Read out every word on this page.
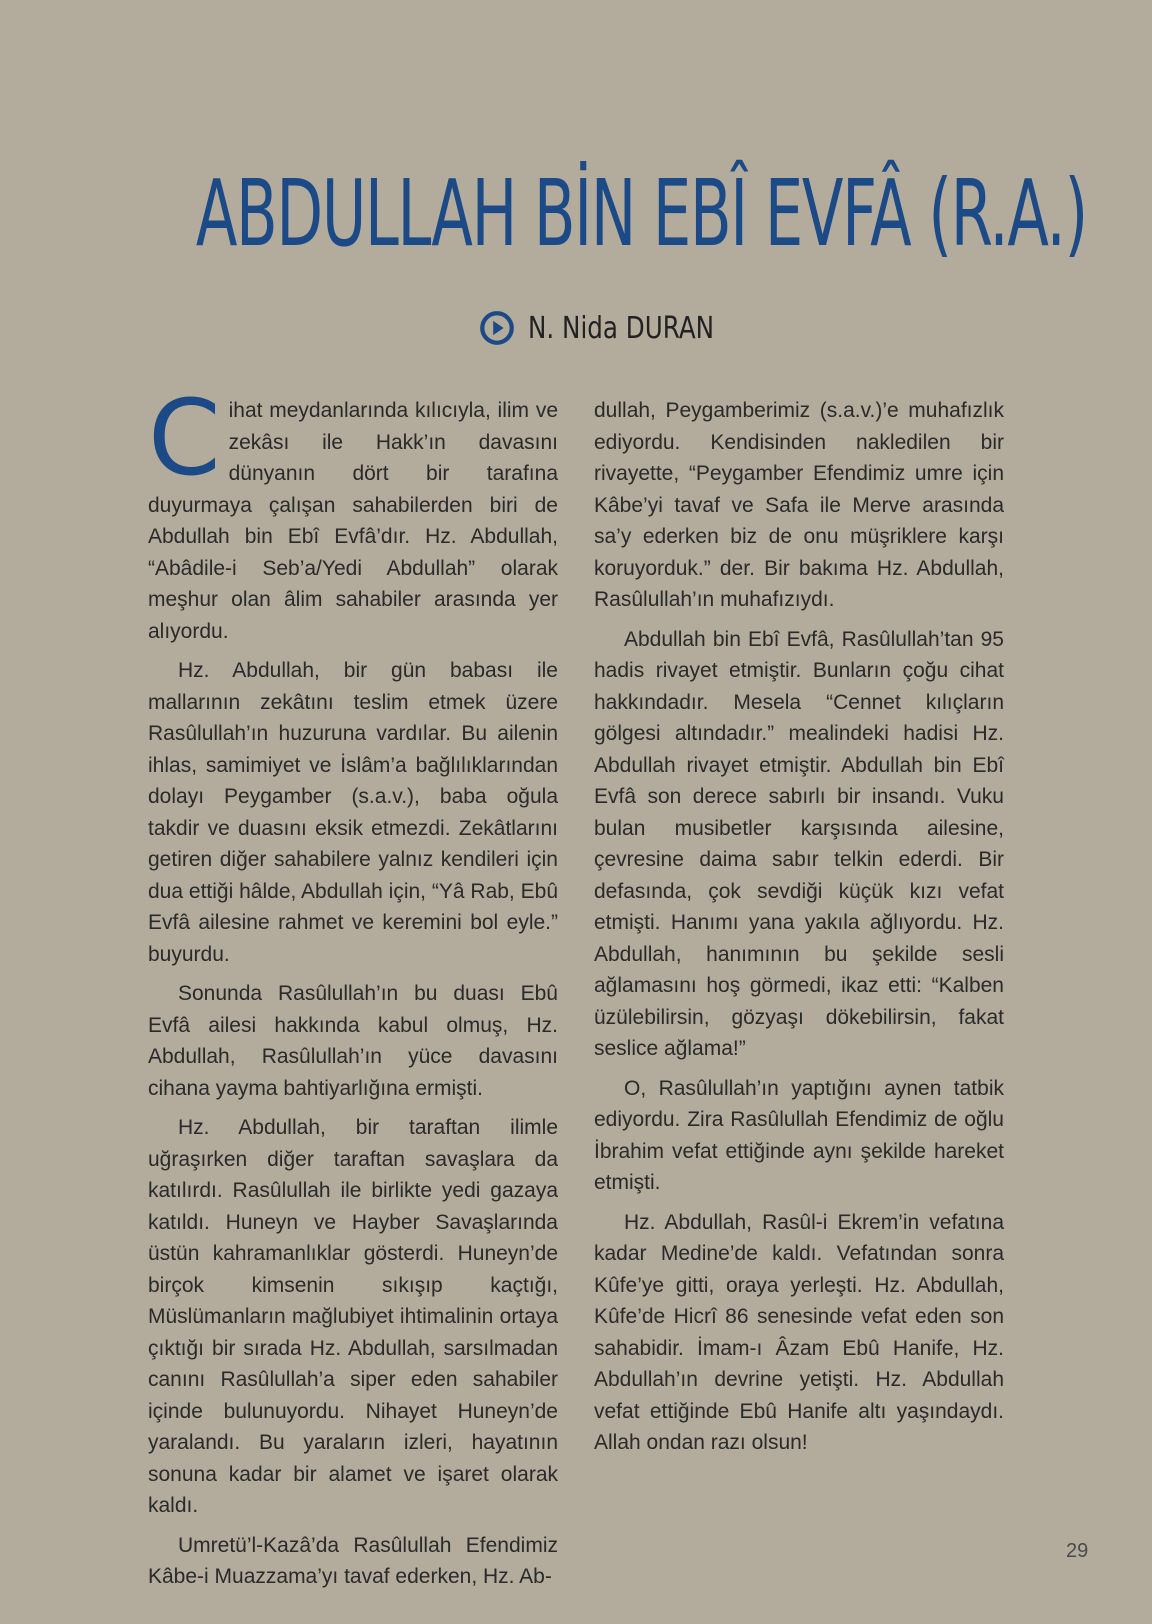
ABDULLAH BİN EBÎ EVFÂ (R.A.)
N. Nida DURAN

Cihat meydanlarında kılıcıyla, ilim ve zekâsı ile Hakk’ın davasını dünyanın dört bir tarafına duyurmaya çalışan sahabilerden biri de Abdullah bin Ebî Evfâ’dır. Hz. Abdullah, “Abâdile-i Seb’a/Yedi Abdullah” olarak meşhur olan âlim sahabiler arasında yer alıyordu.

Hz. Abdullah, bir gün babası ile mallarının zekâtını teslim etmek üzere Rasûlullah’ın huzuruna vardılar. Bu ailenin ihlas, samimiyet ve İslâm’a bağlılıklarından dolayı Peygamber (s.a.v.), baba oğula takdir ve duasını eksik etmezdi. Zekâtlarını getiren diğer sahabilere yalnız kendileri için dua ettiği hâlde, Abdullah için, “Yâ Rab, Ebû Evfâ ailesine rahmet ve keremini bol eyle.” buyurdu.

Sonunda Rasûlullah’ın bu duası Ebû Evfâ ailesi hakkında kabul olmuş, Hz. Abdullah, Rasûlullah’ın yüce davasını cihana yayma bahtiyarlığına ermişti.

Hz. Abdullah, bir taraftan ilimle uğraşırken diğer taraftan savaşlara da katılırdı. Rasûlullah ile birlikte yedi gazaya katıldı. Huneyn ve Hayber Savaşlarında üstün kahramanlıklar gösterdi. Huneyn’de birçok kimsenin sıkışıp kaçtığı, Müslümanların mağlubiyet ihtimalinin ortaya çıktığı bir sırada Hz. Abdullah, sarsılmadan canını Rasûlullah’a siper eden sahabiler içinde bulunuyordu. Nihayet Huneyn’de yaralandı. Bu yaraların izleri, hayatının sonuna kadar bir alamet ve işaret olarak kaldı.

Umretü’l-Kazâ’da Rasûlullah Efendimiz Kâbe-i Muazzama’yı tavaf ederken, Hz. Ab-

dullah, Peygamberimiz (s.a.v.)’e muhafızlık ediyordu. Kendisinden nakledilen bir rivayette, “Peygamber Efendimiz umre için Kâbe’yi tavaf ve Safa ile Merve arasında sa’y ederken biz de onu müşriklere karşı koruyorduk.” der. Bir bakıma Hz. Abdullah, Rasûlullah’ın muhafızıydı.

Abdullah bin Ebî Evfâ, Rasûlullah’tan 95 hadis rivayet etmiştir. Bunların çoğu cihat hakkındadır. Mesela “Cennet kılıçların gölgesi altındadır.” mealindeki hadisi Hz. Abdullah rivayet etmiştir. Abdullah bin Ebî Evfâ son derece sabırlı bir insandı. Vuku bulan musibetler karşısında ailesine, çevresine daima sabır telkin ederdi. Bir defasında, çok sevdiği küçük kızı vefat etmişti. Hanımı yana yakıla ağlıyordu. Hz. Abdullah, hanımının bu şekilde sesli ağlamasını hoş görmedi, ikaz etti: “Kalben üzülebilirsin, gözyaşı dökebilirsin, fakat seslice ağlama!”

O, Rasûlullah’ın yaptığını aynen tatbik ediyordu. Zira Rasûlullah Efendimiz de oğlu İbrahim vefat ettiğinde aynı şekilde hareket etmişti.

Hz. Abdullah, Rasûl-i Ekrem’in vefatına kadar Medine’de kaldı. Vefatından sonra Kûfe’ye gitti, oraya yerleşti. Hz. Abdullah, Kûfe’de Hicrî 86 senesinde vefat eden son sahabidir. İmam-ı Âzam Ebû Hanife, Hz. Abdullah’ın devrine yetişti. Hz. Abdullah vefat ettiğinde Ebû Hanife altı yaşındaydı. Allah ondan razı olsun!

29
